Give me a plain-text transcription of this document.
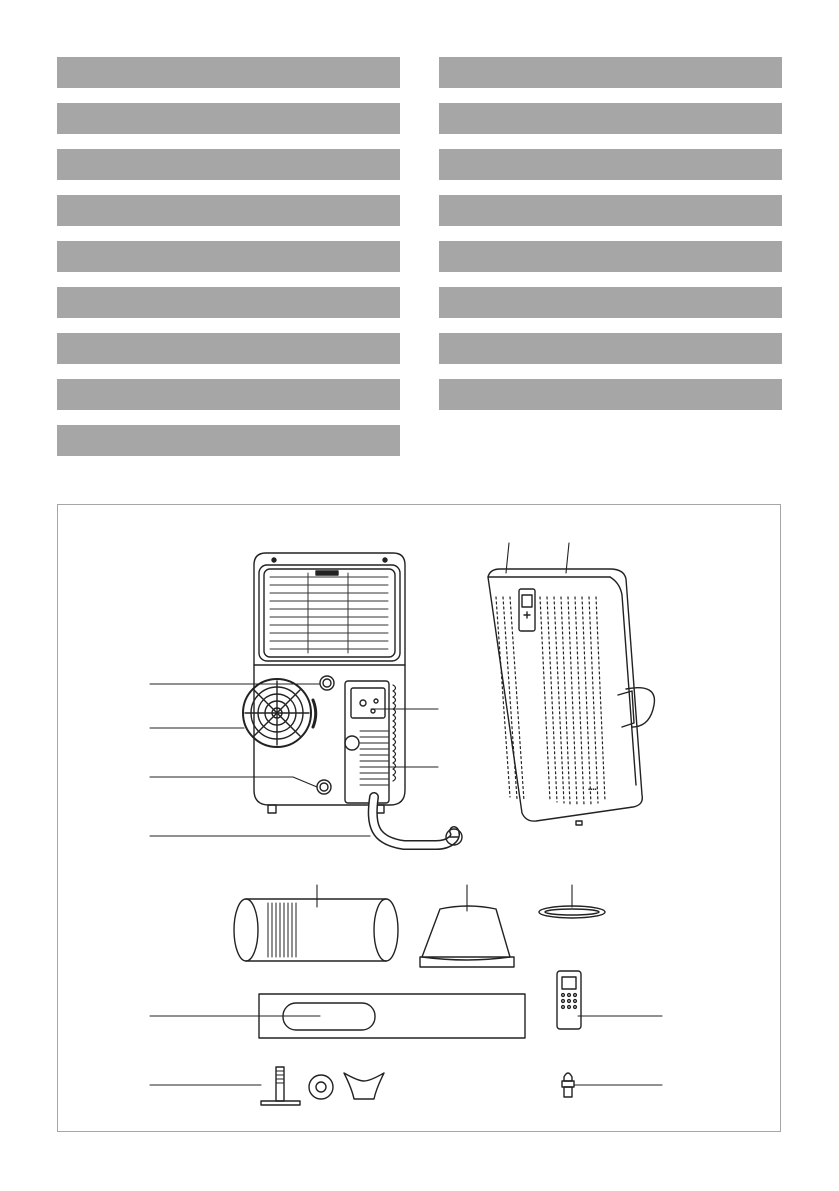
▪▪▪▪
